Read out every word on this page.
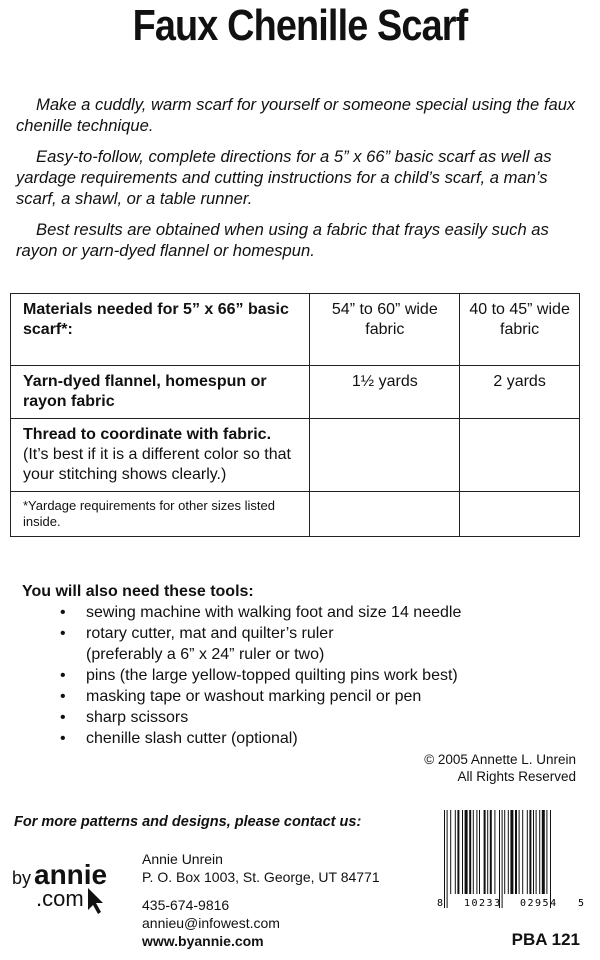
Faux Chenille Scarf

Make a cuddly, warm scarf for yourself or someone special using the faux chenille technique.

Easy-to-follow, complete directions for a 5” x 66” basic scarf as well as yardage requirements and cutting instructions for a child’s scarf, a man’s scarf, a shawl, or a table runner.

Best results are obtained when using a fabric that frays easily such as rayon or yarn-dyed flannel or homespun.

Materials needed for 5” x 66” basic scarf*:	54” to 60” wide fabric	40 to 45” wide fabric
Yarn-dyed flannel, homespun or rayon fabric	1½ yards	2 yards

Thread to coordinate with fabric.
(It’s best if it is a different color so that your stitching shows clearly.)		

*Yardage requirements for other sizes listed inside.		
You will also need these tools:
• sewing machine with walking foot and size 14 needle
• rotary cutter, mat and quilter’s ruler
(preferably a 6” x 24” ruler or two)
• pins (the large yellow-topped quilting pins work best)
• masking tape or washout marking pencil or pen
• sharp scissors
• chenille slash cutter (optional)
© 2005 Annette L. Unrein
All Rights Reserved
For more patterns and designs, please contact us:
by annie
.com
Annie Unrein
P. O. Box 1003, St. George, UT 84771
435-674-9816
annieu@infowest.com
www.byannie.com
8 10233 02954 5
PBA 121
